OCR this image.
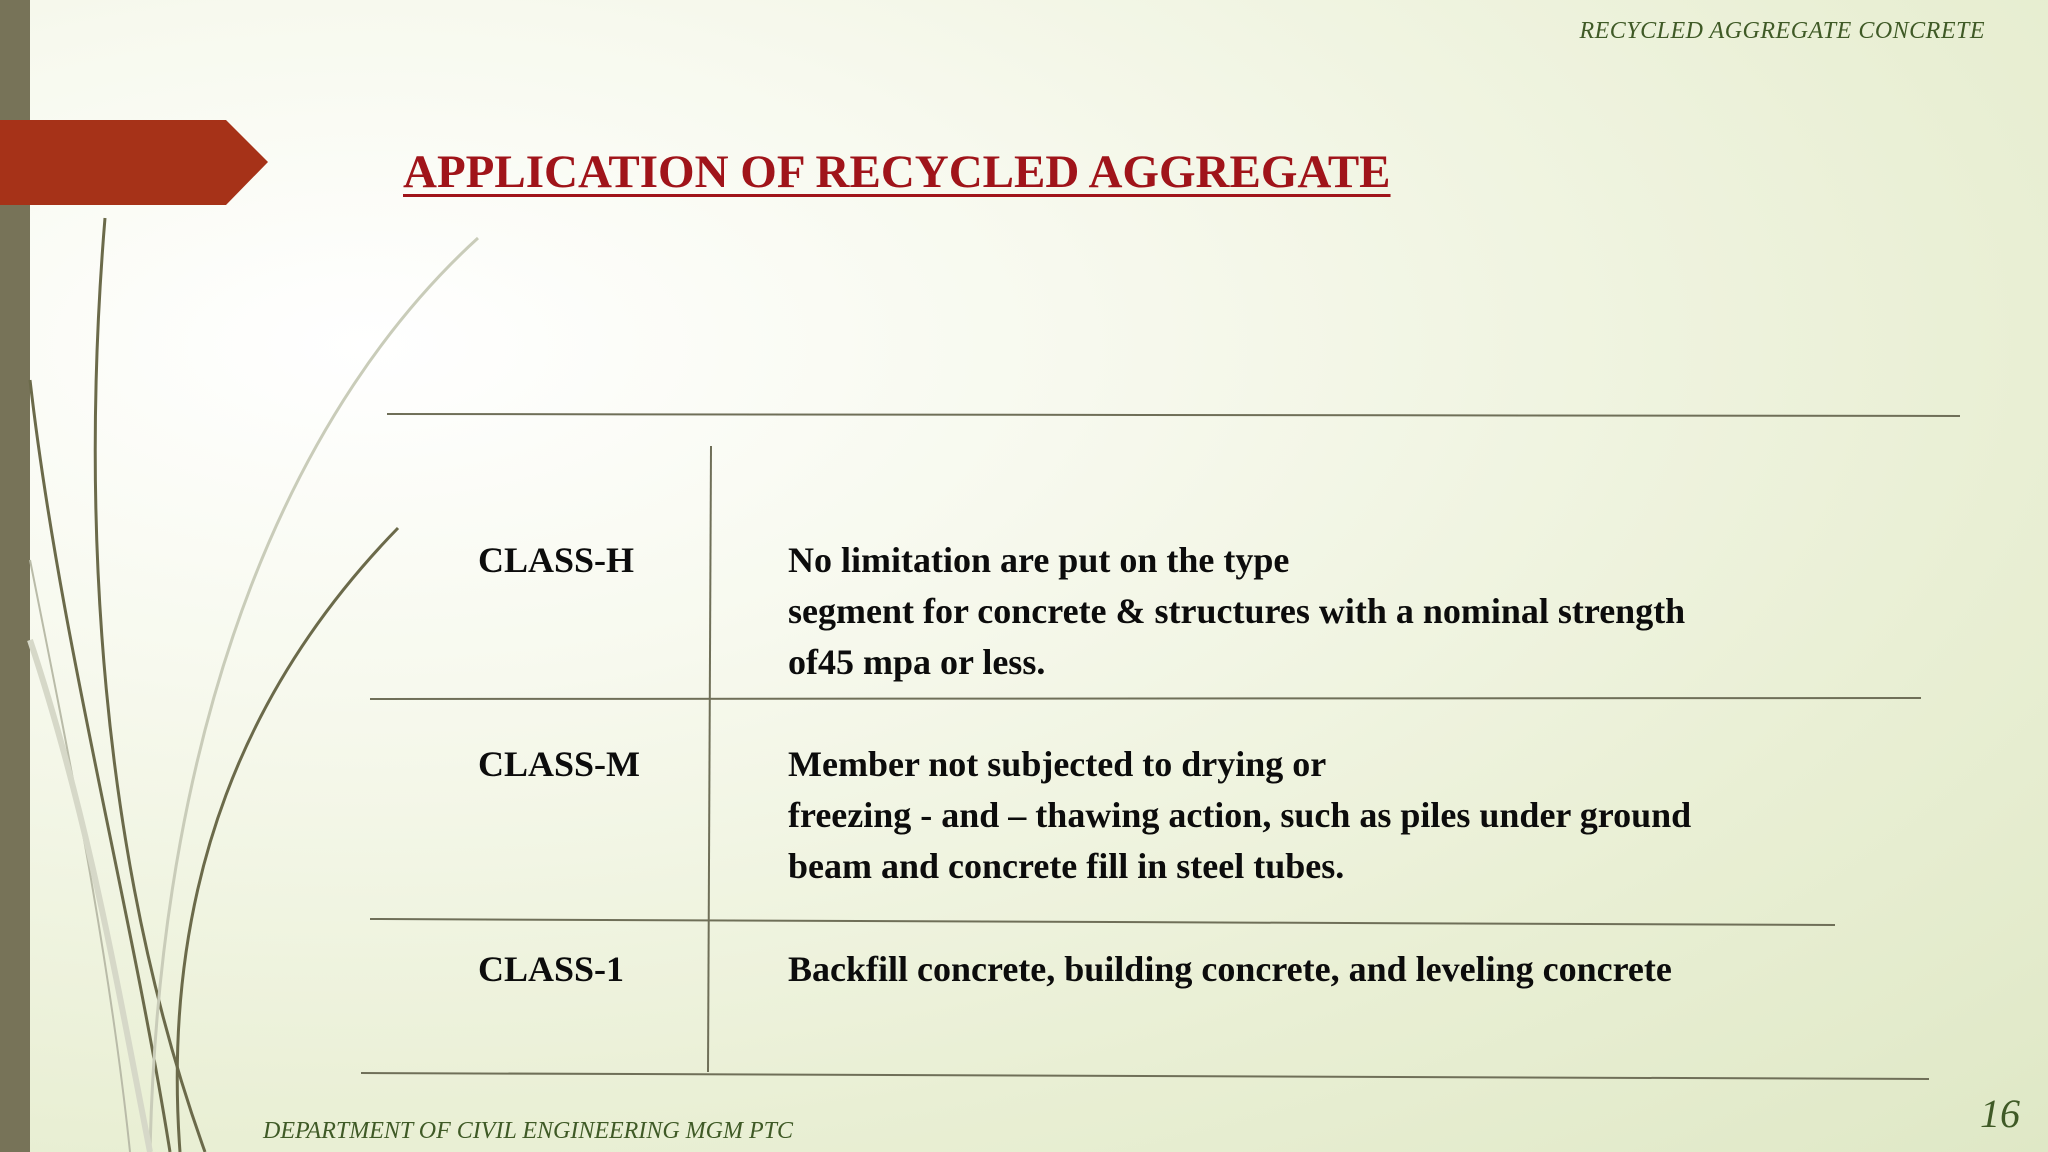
RECYCLED AGGREGATE CONCRETE
APPLICATION OF RECYCLED AGGREGATE
CLASS-H	No limitation are put on the type
segment for concrete & structures with a nominal strength
of45 mpa or less.
CLASS-M	Member not subjected to drying or
freezing - and – thawing action, such as piles under ground
beam and concrete fill in steel tubes.
CLASS-1	Backfill concrete, building concrete, and leveling concrete
DEPARTMENT OF CIVIL ENGINEERING MGM PTC	16
